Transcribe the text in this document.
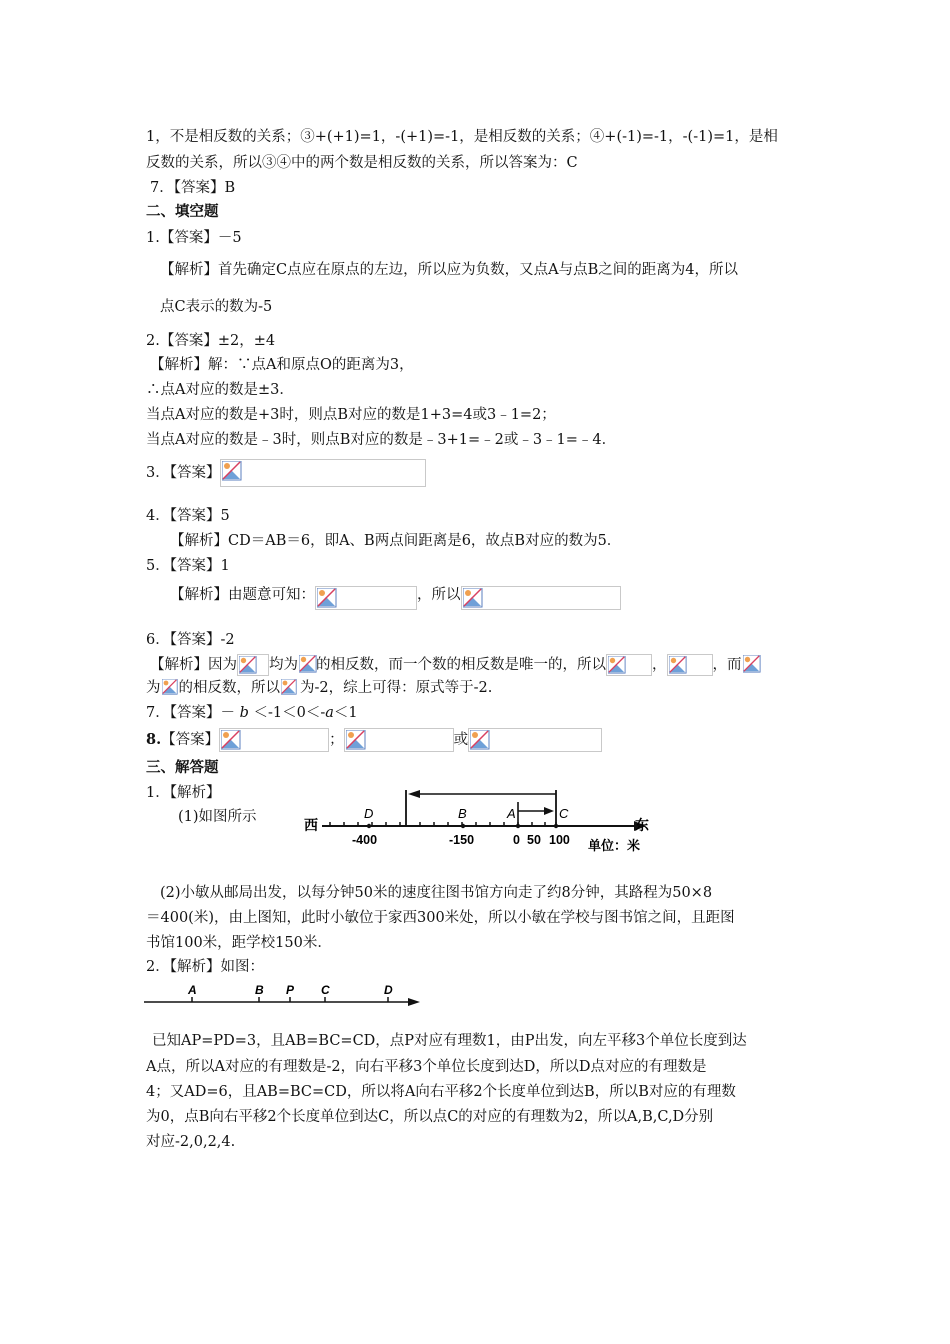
1，不是相反数的关系；③+(+1)=1，-(+1)=-1，是相反数的关系；④+(-1)=-1，-(-1)=1，是相
反数的关系，所以③④中的两个数是相反数的关系，所以答案为：C
7．【答案】B
二、填空题
1.【答案】－5
【解析】首先确定C点应在原点的左边，所以应为负数，又点A与点B之间的距离为4，所以
点C表示的数为-5
2.【答案】±2，±4
【解析】解：∵点A和原点O的距离为3，
∴点A对应的数是±3．
当点A对应的数是+3时，则点B对应的数是1+3=4或3﹣1=2；
当点A对应的数是﹣3时，则点B对应的数是﹣3+1=﹣2或﹣3﹣1=﹣4．
3．【答案】
4．【答案】5
【解析】CD＝AB＝6，即A、B两点间距离是6，故点B对应的数为5．
5．【答案】1
【解析】由题意可知：	，所以
6．【答案】-2
【解析】因为 均为 的相反数，而一个数的相反数是唯一的，所以	，	，而
为 的相反数，所以 为-2，综上可得：原式等于-2.
7．【答案】－ b ＜-1＜0＜-a＜1
8.【答案】	；	或
三、解答题
1．【解析】
(1)如图所示	西	东
D	B	A	C
-400	-150	0 50 100 单位：米
(2)小敏从邮局出发，以每分钟50米的速度往图书馆方向走了约8分钟，其路程为50×8
＝400(米)，由上图知，此时小敏位于家西300米处，所以小敏在学校与图书馆之间，且距图
书馆100米，距学校150米．
2．【解析】如图：
A	B P C	D
已知AP=PD=3，且AB=BC=CD，点P对应有理数1，由P出发，向左平移3个单位长度到达
A点，所以A对应的有理数是-2，向右平移3个单位长度到达D，所以D点对应的有理数是
4；又AD=6，且AB=BC=CD，所以将A向右平移2个长度单位到达B，所以B对应的有理数
为0，点B向右平移2个长度单位到达C，所以点C的对应的有理数为2，所以A,B,C,D分别
对应-2,0,2,4.
